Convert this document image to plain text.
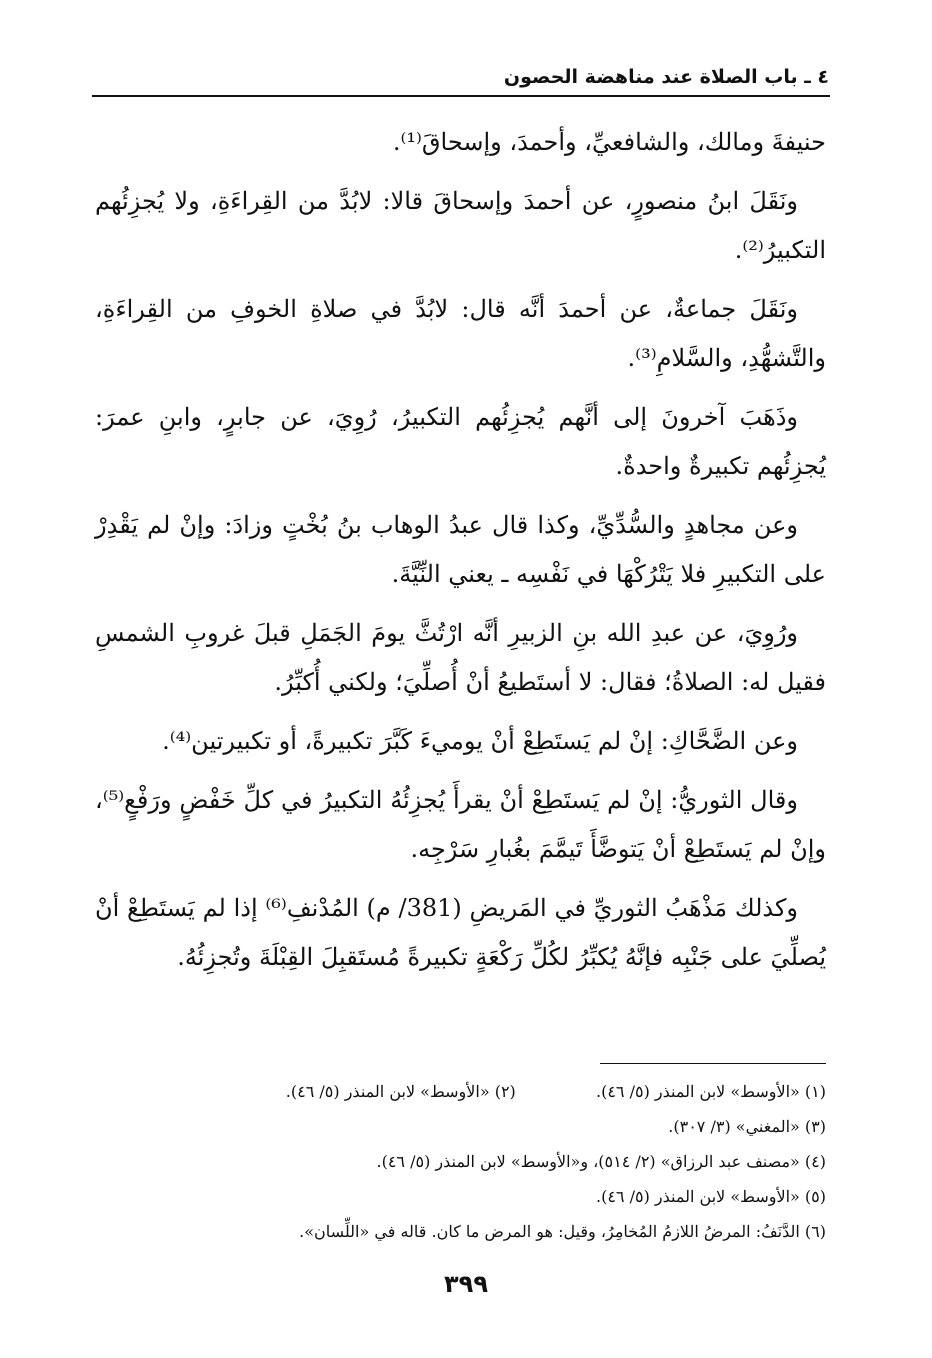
٤ ـ باب الصلاة عند مناهضة الحصون

حنيفةَ ومالك، والشافعيِّ، وأحمدَ، وإسحاقَ⁽¹⁾.

ونَقَلَ ابنُ منصورٍ، عن أحمدَ وإسحاقَ قالا: لابُدَّ من القِراءَةِ، ولا يُجزِئُهم التكبيرُ⁽²⁾.

ونَقَلَ جماعةٌ، عن أحمدَ أنَّه قال: لابُدَّ في صلاةِ الخوفِ من القِراءَةِ، والتَّشهُّدِ، والسَّلامِ⁽³⁾.

وذَهَبَ آخرونَ إلى أنَّهم يُجزِئُهم التكبيرُ، رُوِيَ، عن جابرٍ، وابنِ عمرَ: يُجزِئُهم تكبيرةٌ واحدةٌ.

وعن مجاهدٍ والسُّدِّيِّ، وكذا قال عبدُ الوهاب بنُ بُخْتٍ وزادَ: وإنْ لم يَقْدِرْ على التكبيرِ فلا يَتْرُكْهَا في نَفْسِه ـ يعني النِّيَّةَ.

ورُوِيَ، عن عبدِ الله بنِ الزبيرِ أنَّه ارْتُثَّ يومَ الجَمَلِ قبلَ غروبِ الشمسِ فقيل له: الصلاةُ؛ فقال: لا أستَطيعُ أنْ أُصلِّيَ؛ ولكني أُكبِّرُ.

وعن الضَّحَّاكِ: إنْ لم يَستَطِعْ أنْ يوميءَ كَبَّرَ تكبيرةً، أو تكبيرتين⁽⁴⁾.

وقال الثوريُّ: إنْ لم يَستَطِعْ أنْ يقرأَ يُجزِئُهُ التكبيرُ في كلِّ خَفْضٍ ورَفْعٍ⁽⁵⁾، وإنْ لم يَستَطِعْ أنْ يَتوضَّأَ تَيمَّمَ بغُبارِ سَرْجِه.

وكذلك مَذْهَبُ الثوريِّ في المَريضِ (381/ م) المُدْنفِ⁽⁶⁾ إذا لم يَستَطِعْ أنْ يُصلِّيَ على جَنْبِه فإنَّهُ يُكبِّرُ لكُلِّ رَكْعَةٍ تكبيرةً مُستَقبِلَ القِبْلَةَ وتُجزِئُهُ.

(١) «الأوسط» لابن المنذر (٥/ ٤٦).  (٢) «الأوسط» لابن المنذر (٥/ ٤٦).
(٣) «المغني» (٣/ ٣٠٧).
(٤) «مصنف عبد الرزاق» (٢/ ٥١٤)، و«الأوسط» لابن المنذر (٥/ ٤٦).
(٥) «الأوسط» لابن المنذر (٥/ ٤٦).
(٦) الدَّنَفُ: المرضُ اللازمُ المُخامِرُ، وقيل: هو المرض ما كان. قاله في «اللِّسان».
٣٩٩
